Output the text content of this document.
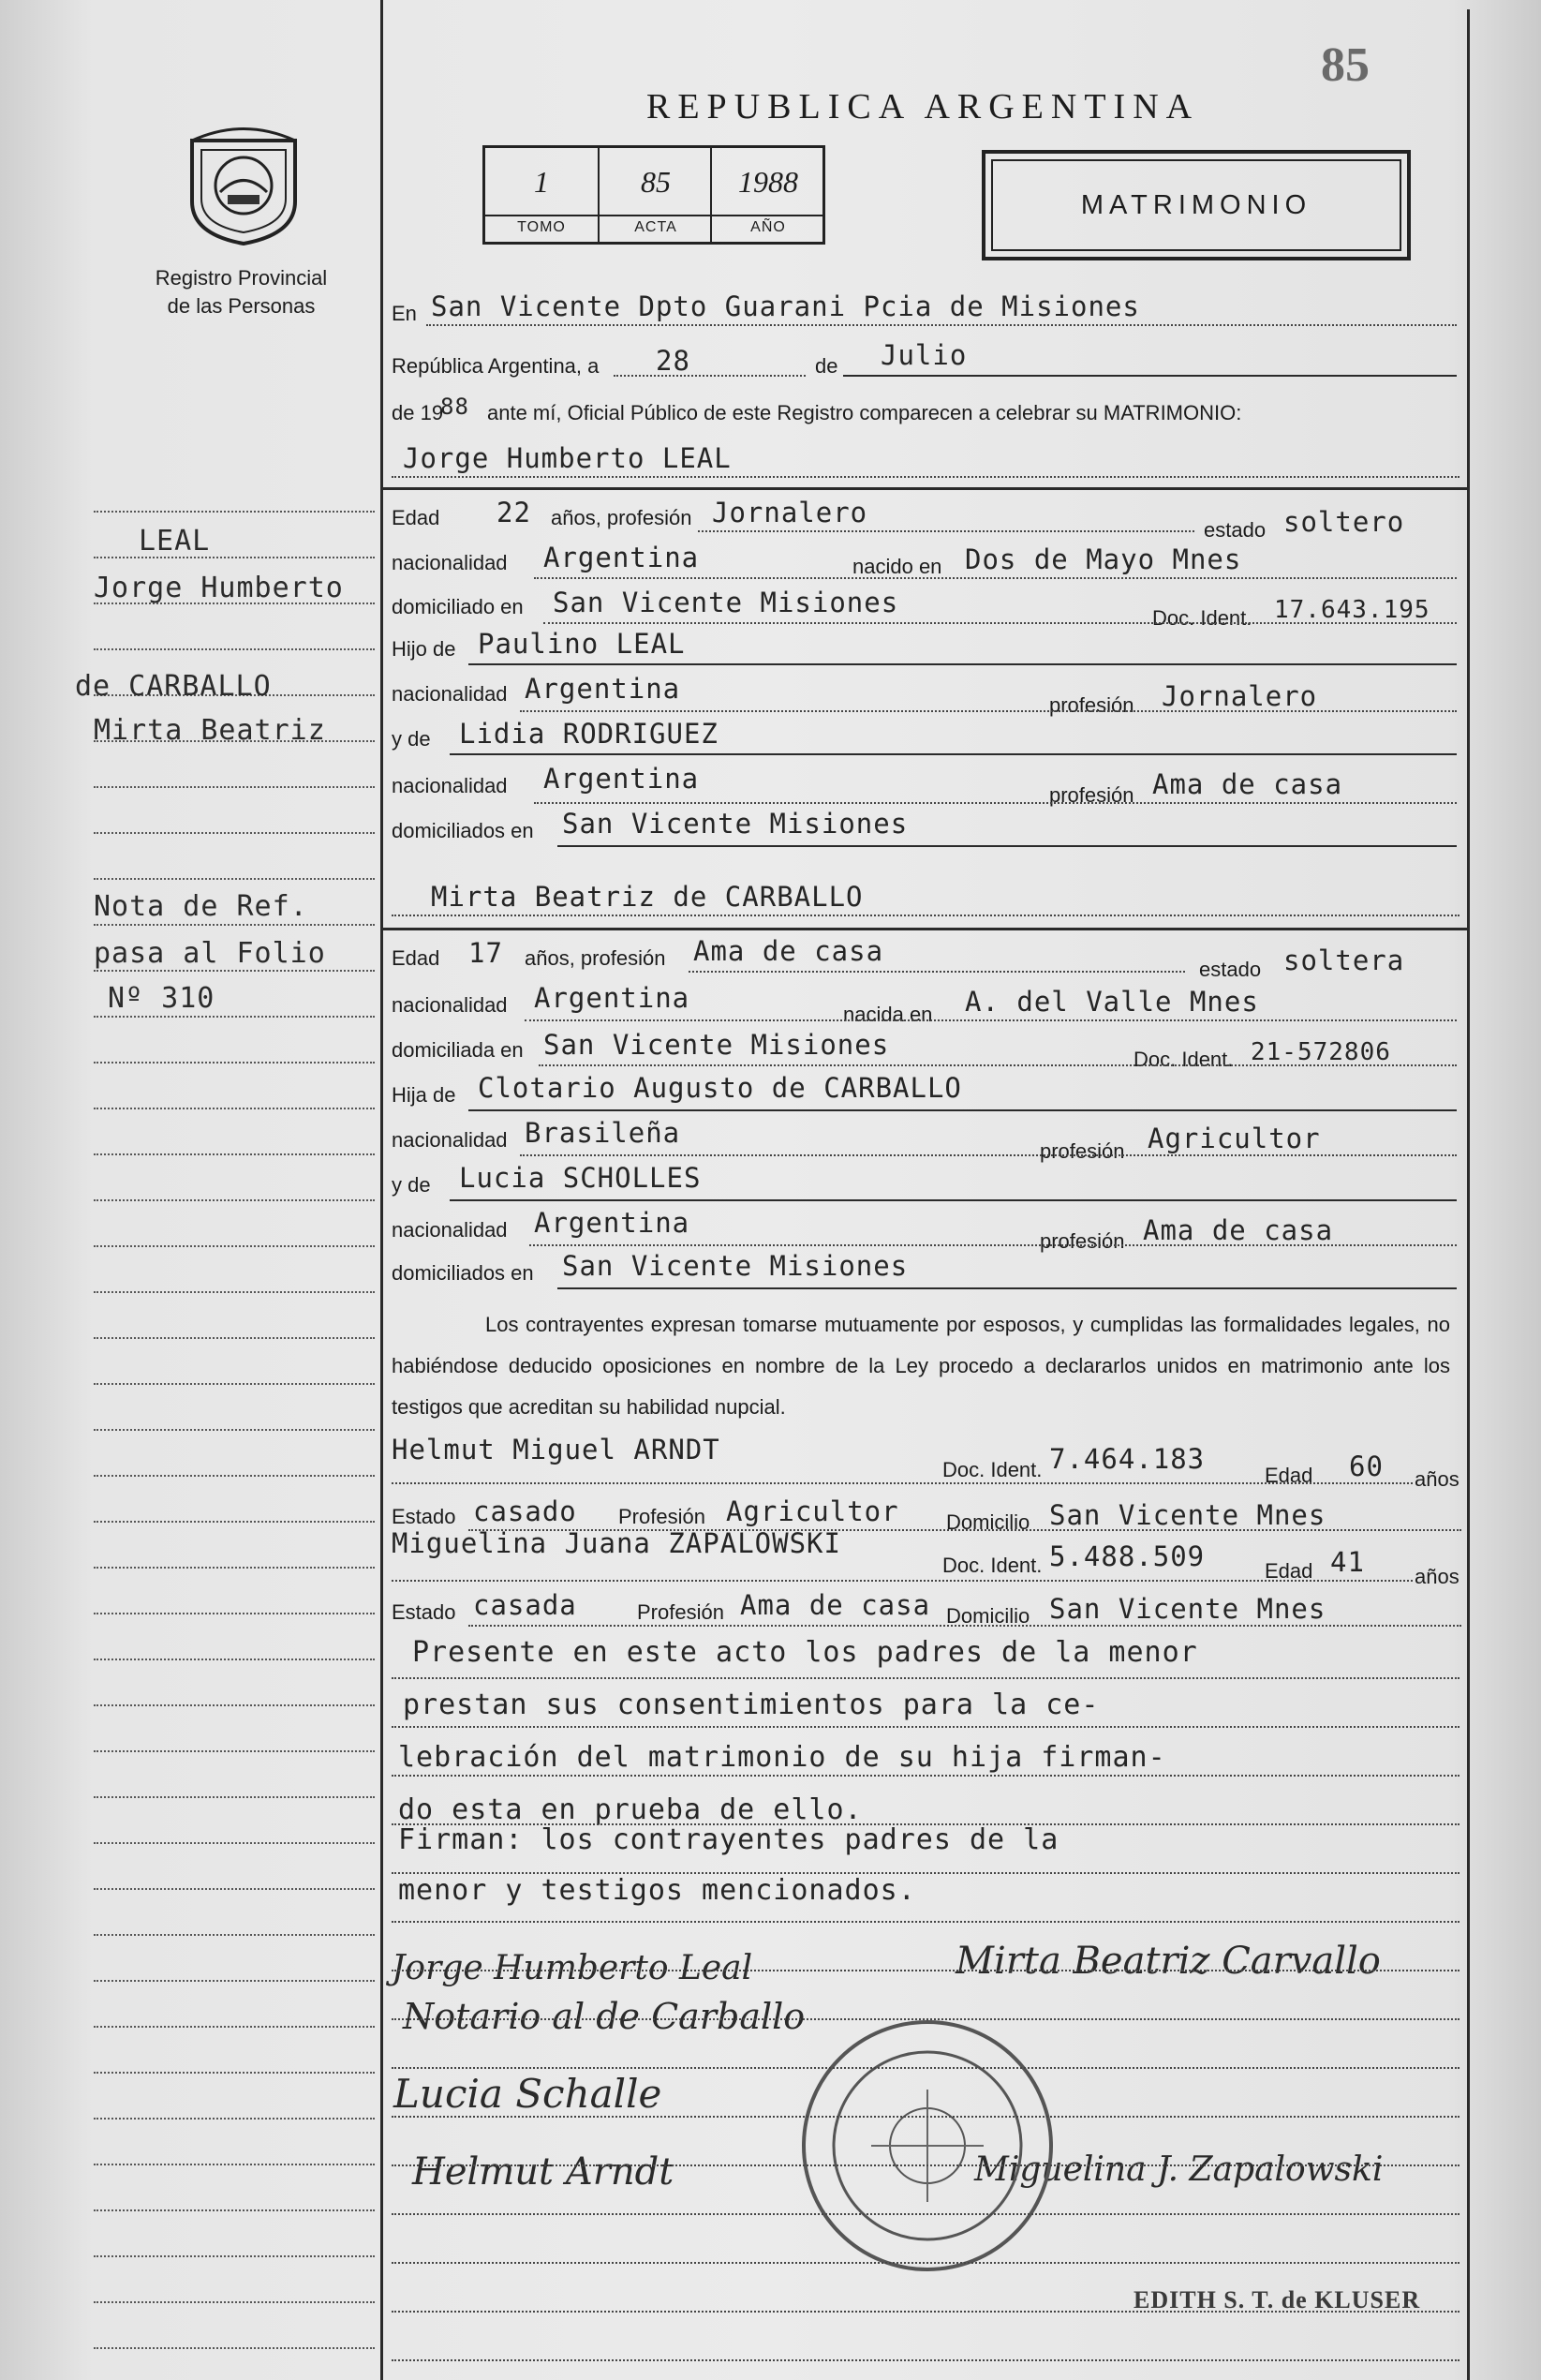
85
REPUBLICA ARGENTINA
Registro Provincial
de las Personas
1
TOMO
85
ACTA
1988
AÑO
MATRIMONIO
LEAL
Jorge Humberto
de CARBALLO
Mirta Beatriz
Nota de Ref.
pasa al Folio
Nº 310
En San Vicente Dpto Guarani Pcia de Misiones
República Argentina, a 28	de Julio
de 19
88 ante mí, Oficial Público de este Registro comparecen a celebrar su MATRIMONIO:
Jorge Humberto LEAL
Edad 22 años, profesión Jornalero
estado soltero
nacionalidad Argentina	nacido en Dos de Mayo Mnes
domiciliado en San Vicente Misiones	Doc. Ident. 17.643.195
Hijo de Paulino LEAL
nacionalidad Argentina
profesión Jornalero
y de Lidia RODRIGUEZ
nacionalidad Argentina
profesión Ama de casa
domiciliados en San Vicente Misiones
Mirta Beatriz de CARBALLO
Edad 17 años, profesión Ama de casa
estado soltera
nacionalidad Argentina
nacida en A. del Valle Mnes
domiciliada en San Vicente Misiones	Doc. Ident. 21-572806
Hija de Clotario Augusto de CARBALLO
nacionalidad Brasileña
profesión Agricultor
y de Lucia SCHOLLES
nacionalidad Argentina
profesión Ama de casa
domiciliados en San Vicente Misiones
Los contrayentes expresan tomarse mutuamente por esposos, y cumplidas las formalidades legales, no habiéndose deducido oposiciones en nombre de la Ley procedo a declararlos unidos en matrimonio ante los testigos que acreditan su habilidad nupcial.
Helmut Miguel ARNDT
Doc. Ident. 7.464.183
Edad 60 años
Estado casado Profesión Agricultor Domicilio San Vicente Mnes
Miguelina Juana ZAPALOWSKI
Doc. Ident. 5.488.509	Edad 41 años
Estado casada	Profesión Ama de casa Domicilio San Vicente Mnes
Presente en este acto los padres de la menor
prestan sus consentimientos para la ce-
lebración del matrimonio de su hija firman-
do esta en prueba de ello.
Firman: los contrayentes padres de la
menor y testigos mencionados.
Jorge Humberto Leal	Mirta Beatriz Carvallo
Notario al de Carballo
Lucia Schalle
Helmut Arndt	Miguelina J. Zapalowski
EDITH S. T. de KLUSER
